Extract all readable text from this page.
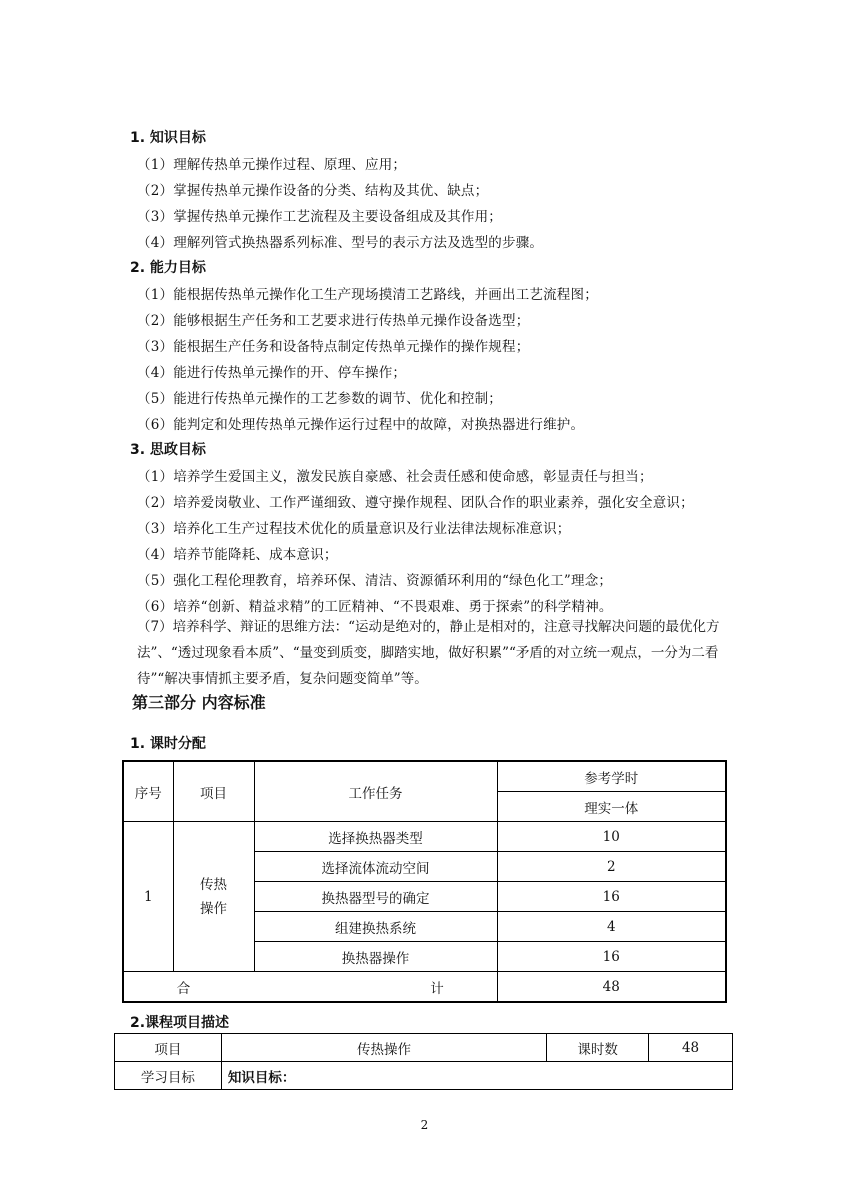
1. 知识目标
（1）理解传热单元操作过程、原理、应用；
（2）掌握传热单元操作设备的分类、结构及其优、缺点；
（3）掌握传热单元操作工艺流程及主要设备组成及其作用；
（4）理解列管式换热器系列标准、型号的表示方法及选型的步骤。
2. 能力目标
（1）能根据传热单元操作化工生产现场摸清工艺路线，并画出工艺流程图；
（2）能够根据生产任务和工艺要求进行传热单元操作设备选型；
（3）能根据生产任务和设备特点制定传热单元操作的操作规程；
（4）能进行传热单元操作的开、停车操作；
（5）能进行传热单元操作的工艺参数的调节、优化和控制；
（6）能判定和处理传热单元操作运行过程中的故障，对换热器进行维护。
3. 思政目标
（1）培养学生爱国主义，激发民族自豪感、社会责任感和使命感，彰显责任与担当；
（2）培养爱岗敬业、工作严谨细致、遵守操作规程、团队合作的职业素养，强化安全意识；
（3）培养化工生产过程技术优化的质量意识及行业法律法规标准意识；
（4）培养节能降耗、成本意识；
（5）强化工程伦理教育，培养环保、清洁、资源循环利用的“绿色化工”理念；
（6）培养“创新、精益求精”的工匠精神、“不畏艰难、勇于探索”的科学精神。
（7）培养科学、辩证的思维方法：“运动是绝对的，静止是相对的，注意寻找解决问题的最优化方法”、“透过现象看本质”、“量变到质变，脚踏实地，做好积累”“矛盾的对立统一观点，一分为二看待”“解决事情抓主要矛盾，复杂问题变简单”等。
第三部分 内容标准
1. 课时分配
序号	项目	工作任务	参考学时
			理实一体
1	传热
操作	选择换热器类型	10
		选择流体流动空间	2
		换热器型号的确定	16
		组建换热系统	4
		换热器操作	16
合 计			48
2.课程项目描述
项目	传热操作	课时数	48
学习目标	知识目标：		
2
